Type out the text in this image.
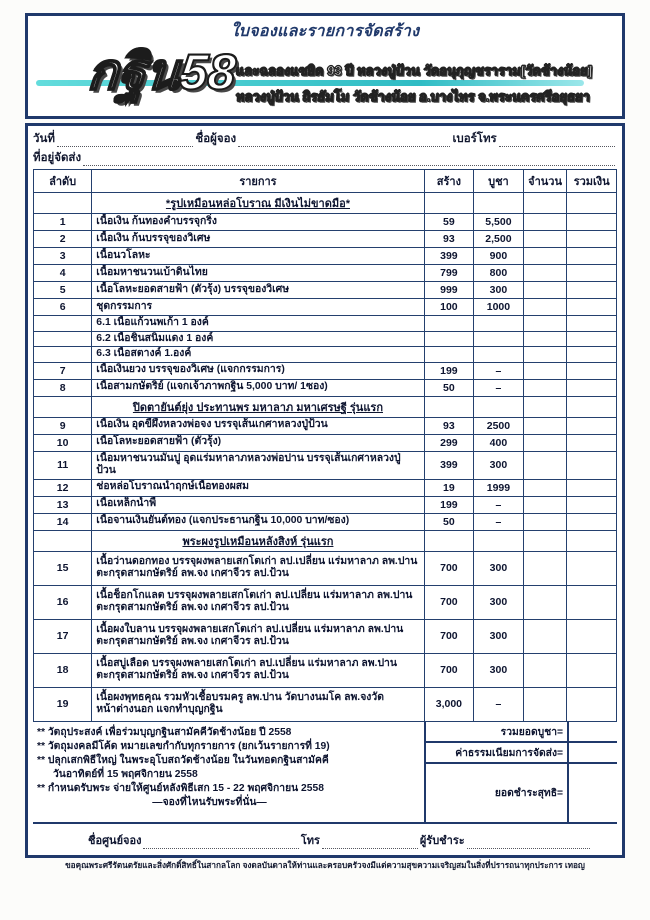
ใบจองและรายการจัดสร้าง
กฐิน58
และฉลองแซยิด 93 ปี หลวงปู่ป้วน วัดอนุกุญชราราม[วัดช้างน้อย]
หลวงปู่ป้วน ถิรธัมโม วัดช้างน้อย อ.บางไทร จ.พระนครศรีอยุธยา
วันที่	ชื่อผู้จอง	เบอร์โทร
ที่อยู่จัดส่ง
ลำดับ	รายการ	สร้าง	บูชา	จำนวน	รวมเงิน
	*รูปเหมือนหล่อโบราณ มีเงินไม่ขาดมือ*				
1	เนื้อเงิน ก้นทองคำบรรจุกริ่ง	59	5,500		
2	เนื้อเงิน ก้นบรรจุของวิเศษ	93	2,500		
3	เนื้อนวโลหะ	399	900		
4	เนื้อมหาชนวนเบ้าดินไทย	799	800		
5	เนื้อโลหะยอดสายฟ้า (ตัวรุ้ง) บรรจุของวิเศษ	999	300		
6	ชุดกรรมการ	100	1000		
	6.1 เนื้อแก้วนพเก้า 1 องค์				
	6.2 เนื้อชินสนิมแดง 1 องค์				
	6.3 เนื้อสตางค์ 1.องค์				
7	เนื้อเงินยวง บรรจุของวิเศษ (แจกกรรมการ)	199	–		
8	เนื้อสามกษัตริย์ (แจกเจ้าภาพกฐิน 5,000 บาท/ 1ซอง)	50	–		
	ปิดตายันต์ยุ่ง ประทานพร มหาลาภ มหาเศรษฐี รุ่นแรก				
9	เนื้อเงิน อุดขี้ผึ้งหลวงพ่อจง บรรจุเส้นเกศาหลวงปู่ป้วน	93	2500		
10	เนื้อโลหะยอดสายฟ้า (ตัวรุ้ง)	299	400		
11	เนื้อมหาชนวนมันปู อุดแร่มหาลาภหลวงพ่อปาน บรรจุเส้นเกศาหลวงปู่ป้วน	399	300		
12	ช่อหล่อโบราณนำฤกษ์เนื้อทองผสม	19	1999		
13	เนื้อเหล็กน้ำพี้	199	–		
14	เนื้อจานเงินยันต์ทอง (แจกประธานกฐิน 10,000 บาท/ซอง)	50	–		
	พระผงรูปเหมือนหลังสิงห์ รุ่นแรก				
15	เนื้อว่านดอกทอง บรรจุผงพลายเสกโตเก่า ลป.เปลี่ยน แร่มหาลาภ ลพ.ปาน ตะกรุดสามกษัตริย์ ลพ.จง เกศาจีวร ลป.ป้วน	700	300		
16	เนื้อช็อกโกแลต บรรจุผงพลายเสกโตเก่า ลป.เปลี่ยน แร่มหาลาภ ลพ.ปาน ตะกรุดสามกษัตริย์ ลพ.จง เกศาจีวร ลป.ป้วน	700	300		
17	เนื้อผงใบลาน บรรจุผงพลายเสกโตเก่า ลป.เปลี่ยน แร่มหาลาภ ลพ.ปาน ตะกรุดสามกษัตริย์ ลพ.จง เกศาจีวร ลป.ป้วน	700	300		
18	เนื้อสบู่เลือด บรรจุผงพลายเสกโตเก่า ลป.เปลี่ยน แร่มหาลาภ ลพ.ปาน ตะกรุดสามกษัตริย์ ลพ.จง เกศาจีวร ลป.ป้วน	700	300		
19	เนื้อผงพุทธคุณ รวมหัวเชื้อบรมครู ลพ.ปาน วัดบางนมโค ลพ.จงวัดหน้าต่างนอก แจกทำบุญกฐิน	3,000	–		
** วัตถุประสงค์ เพื่อร่วมบุญกฐินสามัคคีวัดช้างน้อย ปี 2558
** วัตถุมงคลมีโค้ด หมายเลขกำกับทุกรายการ (ยกเว้นรายการที่ 19)
** ปลุกเสกพิธีใหญ่ ในพระอุโบสถวัดช้างน้อย ในวันทอดกฐินสามัคคี
วันอาทิตย์ที่ 15 พฤศจิกายน 2558
** กำหนดรับพระ จ่ายให้ศูนย์หลังพิธีเสก 15 - 22 พฤศจิกายน 2558
—จองที่ไหนรับพระที่นั่น—
รวมยอดบูชา=
ค่าธรรมเนียมการจัดส่ง=
ยอดชำระสุทธิ=
ชื่อศูนย์จอง	โทร	ผู้รับชำระ
ขอคุณพระศรีรัตนตรัยและสิ่งศักดิ์สิทธิ์ในสากลโลก จงดลบันดาลให้ท่านและครอบครัวจงมีแต่ความสุขความเจริญสมในสิ่งที่ปรารถนาทุกประการ เทอญ
